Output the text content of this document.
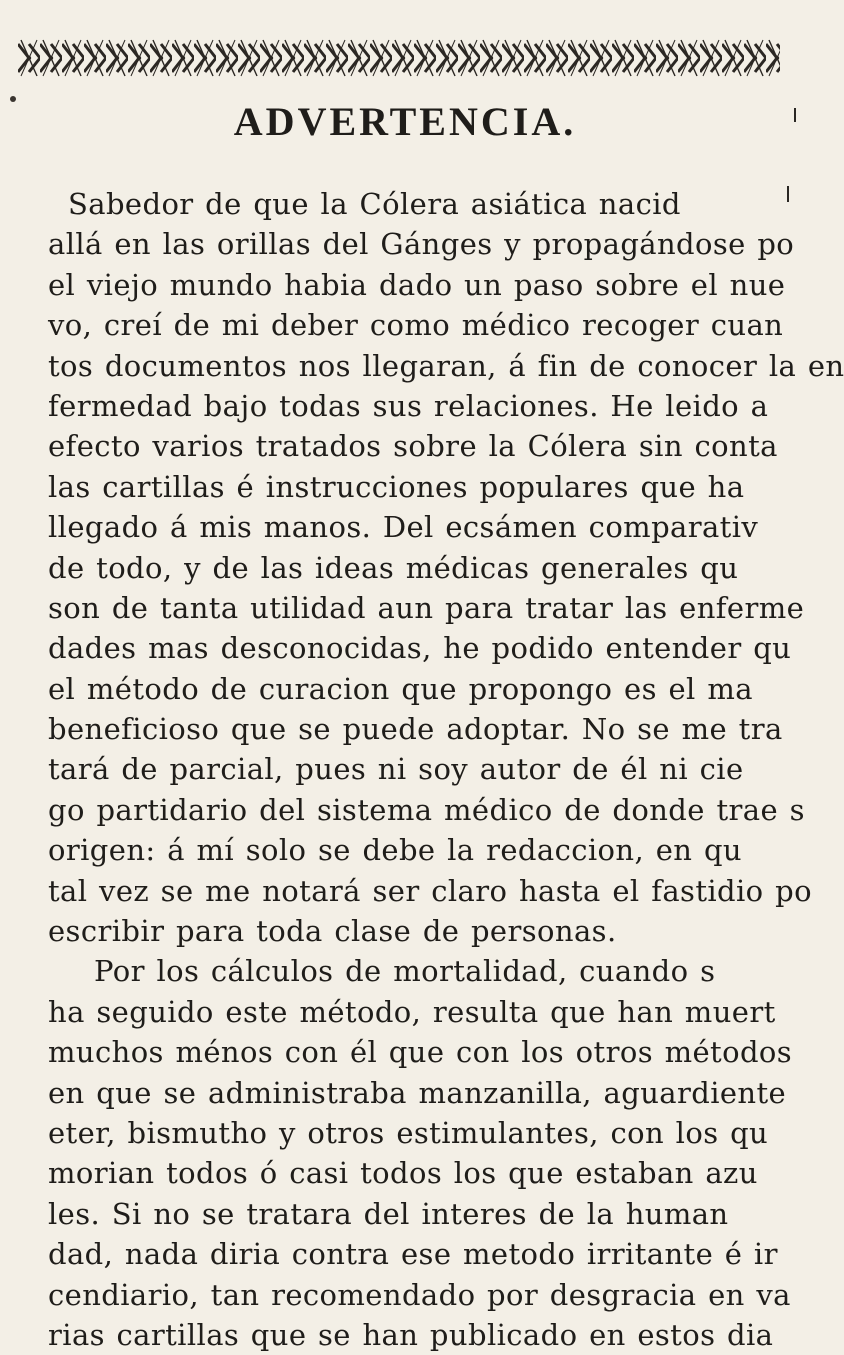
ADVERTENCIA.
Sabedor de que la Cólera asiática nacid
allá en las orillas del Gánges y propagándose po
el viejo mundo habia dado un paso sobre el nue
vo, creí de mi deber como médico recoger cuan
tos documentos nos llegaran, á fin de conocer la en
fermedad bajo todas sus relaciones. He leido a
efecto varios tratados sobre la Cólera sin conta
las cartillas é instrucciones populares que ha
llegado á mis manos. Del ecsámen comparativ
de todo, y de las ideas médicas generales qu
son de tanta utilidad aun para tratar las enferme
dades mas desconocidas, he podido entender qu
el método de curacion que propongo es el ma
beneficioso que se puede adoptar. No se me tra
tará de parcial, pues ni soy autor de él ni cie
go partidario del sistema médico de donde trae s
origen: á mí solo se debe la redaccion, en qu
tal vez se me notará ser claro hasta el fastidio po
escribir para toda clase de personas.
Por los cálculos de mortalidad, cuando s
ha seguido este método, resulta que han muert
muchos ménos con él que con los otros métodos
en que se administraba manzanilla, aguardiente
eter, bismutho y otros estimulantes, con los qu
morian todos ó casi todos los que estaban azu
les. Si no se tratara del interes de la human
dad, nada diria contra ese metodo irritante é ir
cendiario, tan recomendado por desgracia en va
rias cartillas que se han publicado en estos dia
